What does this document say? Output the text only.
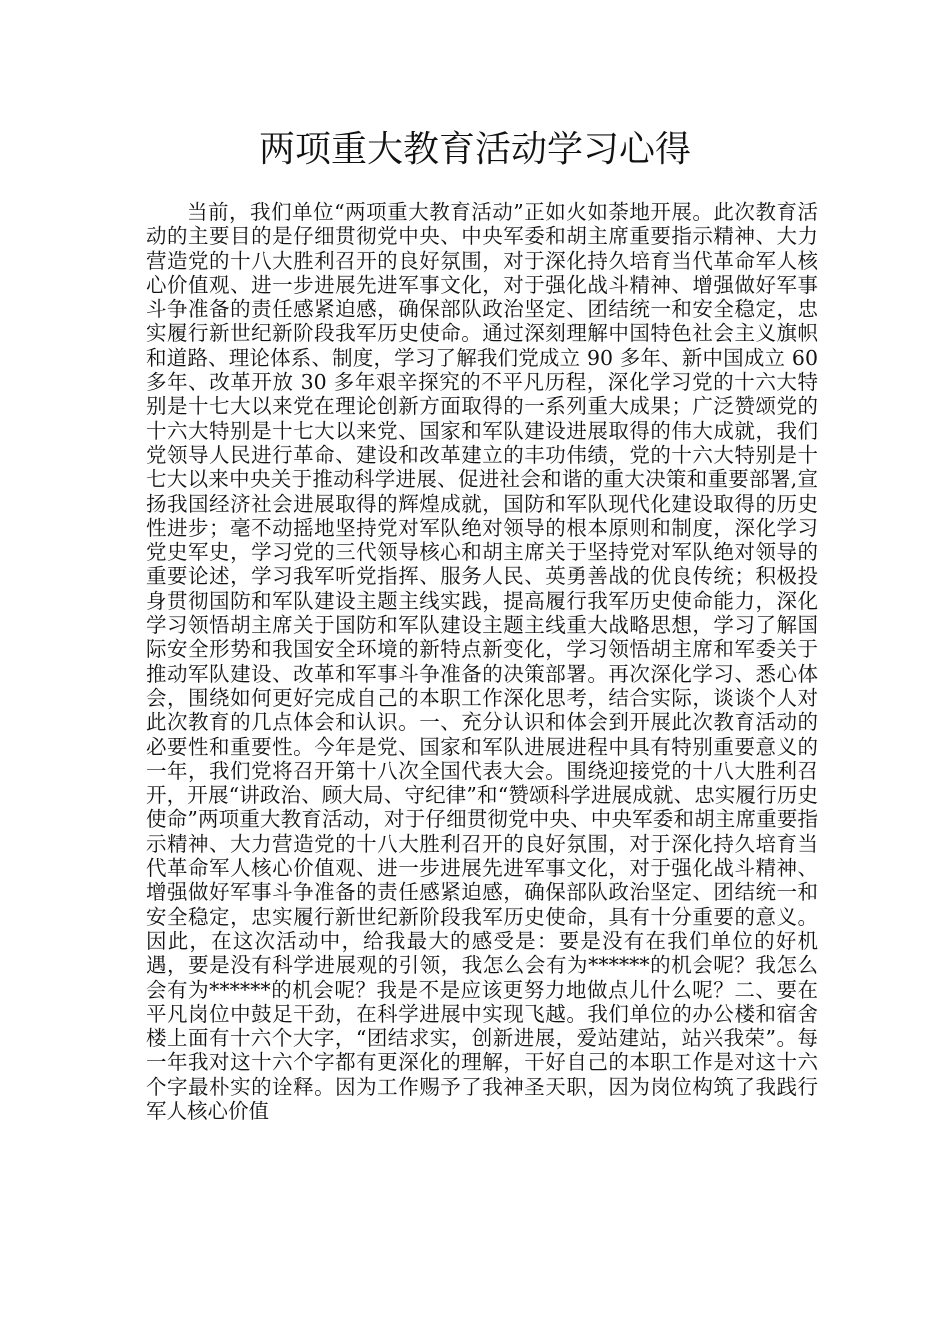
两项重大教育活动学习心得

当前，我们单位“两项重大教育活动”正如火如荼地开展。此次教育活动的主要目的是仔细贯彻党中央、中央军委和胡主席重要指示精神、大力营造党的十八大胜利召开的良好氛围，对于深化持久培育当代革命军人核心价值观、进一步进展先进军事文化，对于强化战斗精神、增强做好军事斗争准备的责任感紧迫感，确保部队政治坚定、团结统一和安全稳定，忠实履行新世纪新阶段我军历史使命。通过深刻理解中国特色社会主义旗帜和道路、理论体系、制度，学习了解我们党成立 90 多年、新中国成立 60 多年、改革开放 30 多年艰辛探究的不平凡历程，深化学习党的十六大特别是十七大以来党在理论创新方面取得的一系列重大成果；广泛赞颂党的十六大特别是十七大以来党、国家和军队建设进展取得的伟大成就，我们党领导人民进行革命、建设和改革建立的丰功伟绩，党的十六大特别是十七大以来中央关于推动科学进展、促进社会和谐的重大决策和重要部署,宣扬我国经济社会进展取得的辉煌成就，国防和军队现代化建设取得的历史性进步；毫不动摇地坚持党对军队绝对领导的根本原则和制度，深化学习党史军史，学习党的三代领导核心和胡主席关于坚持党对军队绝对领导的重要论述，学习我军听党指挥、服务人民、英勇善战的优良传统；积极投身贯彻国防和军队建设主题主线实践，提高履行我军历史使命能力，深化学习领悟胡主席关于国防和军队建设主题主线重大战略思想，学习了解国际安全形势和我国安全环境的新特点新变化，学习领悟胡主席和军委关于推动军队建设、改革和军事斗争准备的决策部署。再次深化学习、悉心体会，围绕如何更好完成自己的本职工作深化思考，结合实际，谈谈个人对此次教育的几点体会和认识。一、充分认识和体会到开展此次教育活动的必要性和重要性。今年是党、国家和军队进展进程中具有特别重要意义的一年，我们党将召开第十八次全国代表大会。围绕迎接党的十八大胜利召开，开展“讲政治、顾大局、守纪律”和“赞颂科学进展成就、忠实履行历史使命”两项重大教育活动，对于仔细贯彻党中央、中央军委和胡主席重要指示精神、大力营造党的十八大胜利召开的良好氛围，对于深化持久培育当代革命军人核心价值观、进一步进展先进军事文化，对于强化战斗精神、增强做好军事斗争准备的责任感紧迫感，确保部队政治坚定、团结统一和安全稳定，忠实履行新世纪新阶段我军历史使命，具有十分重要的意义。因此，在这次活动中，给我最大的感受是：要是没有在我们单位的好机遇，要是没有科学进展观的引领，我怎么会有为******的机会呢？我怎么会有为******的机会呢？我是不是应该更努力地做点儿什么呢？二、要在平凡岗位中鼓足干劲，在科学进展中实现飞越。我们单位的办公楼和宿舍楼上面有十六个大字，“团结求实，创新进展，爱站建站，站兴我荣”。每一年我对这十六个字都有更深化的理解，干好自己的本职工作是对这十六个字最朴实的诠释。因为工作赐予了我神圣天职，因为岗位构筑了我践行军人核心价值
